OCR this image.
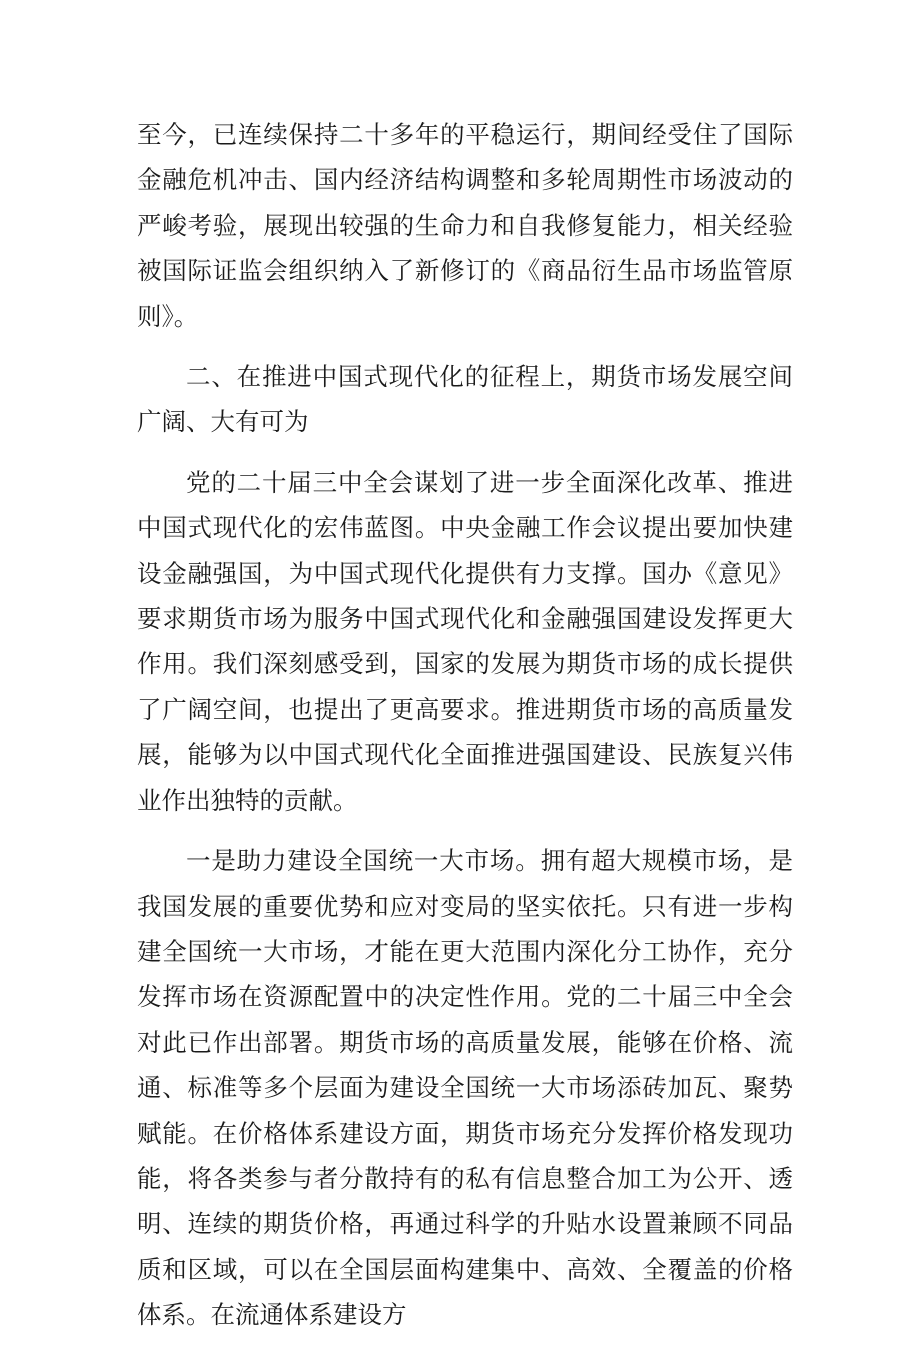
至今，已连续保持二十多年的平稳运行，期间经受住了国际金融危机冲击、国内经济结构调整和多轮周期性市场波动的严峻考验，展现出较强的生命力和自我修复能力，相关经验被国际证监会组织纳入了新修订的《商品衍生品市场监管原则》。

二、在推进中国式现代化的征程上，期货市场发展空间广阔、大有可为

党的二十届三中全会谋划了进一步全面深化改革、推进中国式现代化的宏伟蓝图。中央金融工作会议提出要加快建设金融强国，为中国式现代化提供有力支撑。国办《意见》要求期货市场为服务中国式现代化和金融强国建设发挥更大作用。我们深刻感受到，国家的发展为期货市场的成长提供了广阔空间，也提出了更高要求。推进期货市场的高质量发展，能够为以中国式现代化全面推进强国建设、民族复兴伟业作出独特的贡献。

一是助力建设全国统一大市场。拥有超大规模市场，是我国发展的重要优势和应对变局的坚实依托。只有进一步构建全国统一大市场，才能在更大范围内深化分工协作，充分发挥市场在资源配置中的决定性作用。党的二十届三中全会对此已作出部署。期货市场的高质量发展，能够在价格、流通、标准等多个层面为建设全国统一大市场添砖加瓦、聚势赋能。在价格体系建设方面，期货市场充分发挥价格发现功能，将各类参与者分散持有的私有信息整合加工为公开、透明、连续的期货价格，再通过科学的升贴水设置兼顾不同品质和区域，可以在全国层面构建集中、高效、全覆盖的价格体系。在流通体系建设方
